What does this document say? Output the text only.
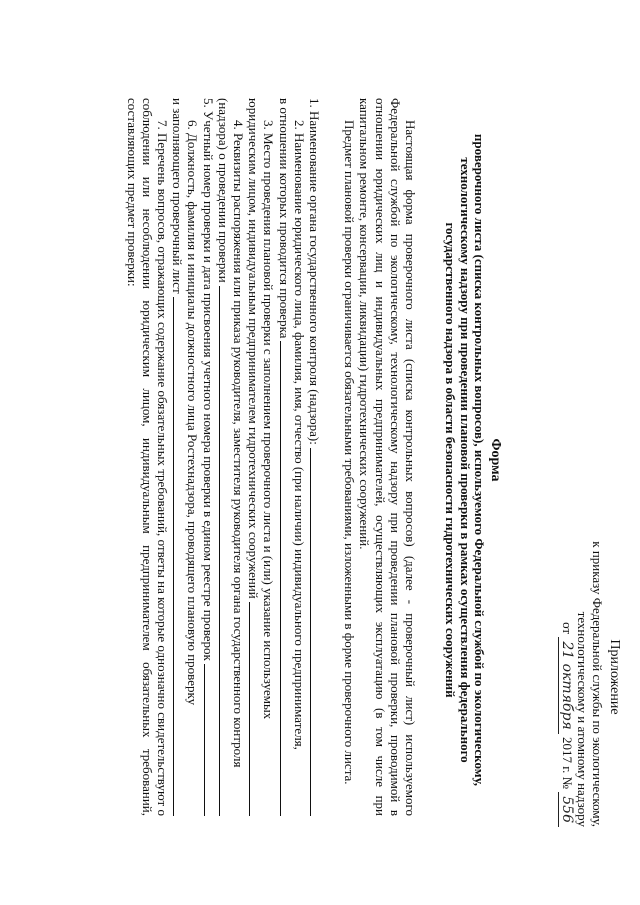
Приложение
к приказу Федеральной службы по экологическому,
технологическому и атомному надзору
от 21 октября 2017 г. № 556
Форма
проверочного листа (списка контрольных вопросов), используемого Федеральной службой по экологическому,
технологическому надзору при проведении плановой проверки в рамках осуществления федерального
государственного надзора в области безопасности гидротехнических сооружений

Настоящая форма проверочного листа (списка контрольных вопросов) (далее - проверочный лист) используемого Федеральной службой по экологическому, технологическому надзору при проведении плановой проверки, проводимой в отношении юридических лиц и индивидуальных предпринимателей, осуществляющих эксплуатацию (в том числе при капитальном ремонте, консервации, ликвидации) гидротехнических сооружений.

Предмет плановой проверки ограничивается обязательными требованиями, изложенными в форме проверочного листа.

1. Наименование органа государственного контроля (надзора):
2. Наименование юридического лица, фамилия, имя, отчество (при наличии) индивидуального предпринимателя,
в отношении которых проводится проверка
3. Место проведения плановой проверки с заполнением проверочного листа и (или) указание используемых
юридическим лицом, индивидуальным предпринимателем гидротехнических сооружений
4. Реквизиты распоряжения или приказа руководителя, заместителя руководителя органа государственного контроля
(надзора) о проведении проверки
5. Учетный номер проверки и дата присвоения учетного номера проверки в едином реестре проверок
6. Должность, фамилия и инициалы должностного лица Ростехнадзора, проводящего плановую проверку
и заполняющего проверочный лист
7. Перечень вопросов, отражающих содержание обязательных требований, ответы на которые однозначно свидетельствуют о соблюдении или несоблюдении юридическим лицом, индивидуальным предпринимателем обязательных требований, составляющих предмет проверки:
